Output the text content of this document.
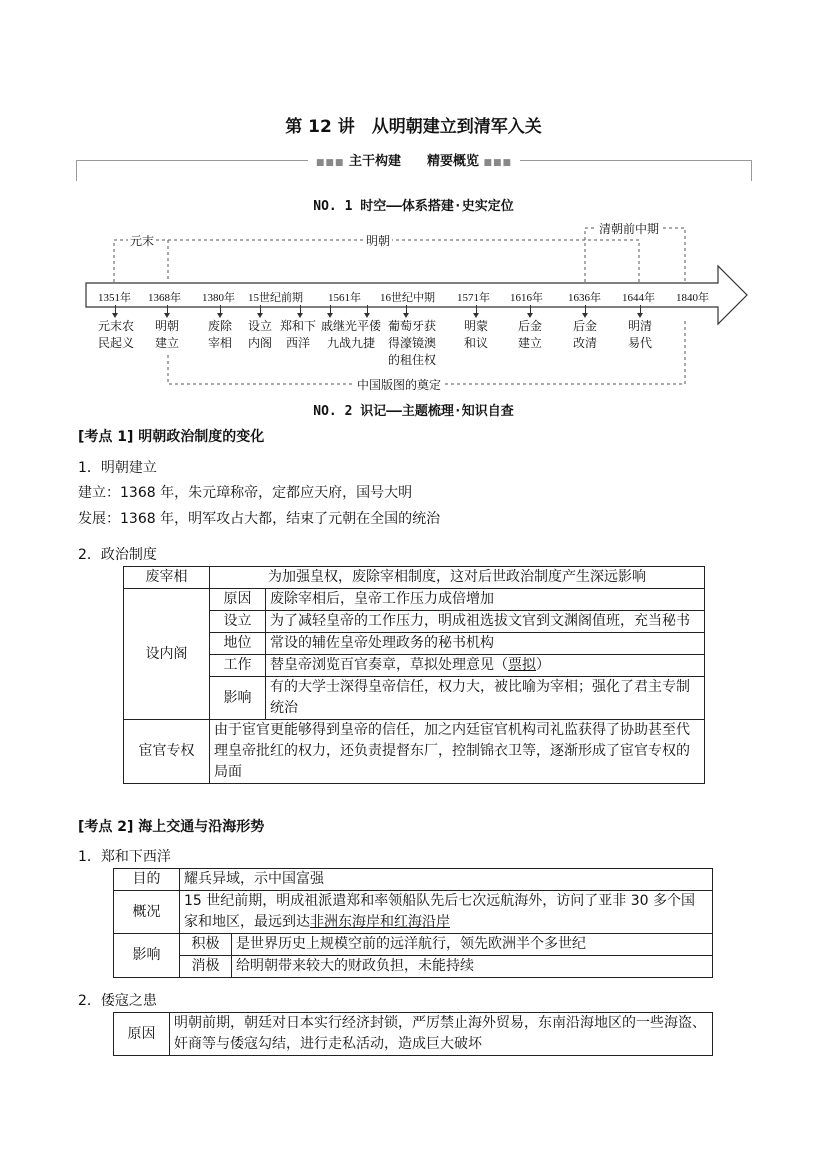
第 12 讲　从明朝建立到清军入关
■■■ 主干构建　　 精要概览 ■■■
NO. 1 时空——体系搭建·史实定位
元末	明朝
清朝前中期
中国版图的奠定
1351年 1368年 1380年 15世纪前期 1561年 16世纪中期 1571年 1616年 1636年 1644年 1840年
元末农民起义
明朝建立
废除宰相
设立内阁
郑和下西洋
戚继光平倭九战九捷
葡萄牙获得濠镜澳的租住权
明蒙和议
后金建立
后金改清
明清易代
NO. 2 识记——主题梳理·知识自查
[考点 1] 明朝政治制度的变化
1．明朝建立
建立：1368 年，朱元璋称帝，定都应天府，国号大明
发展：1368 年，明军攻占大都，结束了元朝在全国的统治
2．政治制度
废宰相	为加强皇权，废除宰相制度，这对后世政治制度产生深远影响	
设内阁	原因	废除宰相后，皇帝工作压力成倍增加
	设立	为了减轻皇帝的工作压力，明成祖选拔文官到文渊阁值班，充当秘书
	地位	常设的辅佐皇帝处理政务的秘书机构
	工作	替皇帝浏览百官奏章，草拟处理意见（票拟）
	影响	有的大学士深得皇帝信任，权力大，被比喻为宰相；强化了君主专制统治
宦官专权	由于宦官更能够得到皇帝的信任，加之内廷宦官机构司礼监获得了协助甚至代理皇帝批红的权力，还负责提督东厂，控制锦衣卫等，逐渐形成了宦官专权的局面	
[考点 2] 海上交通与沿海形势
1．郑和下西洋
目的	耀兵异域，示中国富强	
概况	15 世纪前期，明成祖派遣郑和率领船队先后七次远航海外，访问了亚非 30 多个国家和地区，最远到达非洲东海岸和红海沿岸	
影响	积极	是世界历史上规模空前的远洋航行，领先欧洲半个多世纪
	消极	给明朝带来较大的财政负担，未能持续
2．倭寇之患
原因	明朝前期，朝廷对日本实行经济封锁，严厉禁止海外贸易，东南沿海地区的一些海盗、奸商等与倭寇勾结，进行走私活动，造成巨大破坏
